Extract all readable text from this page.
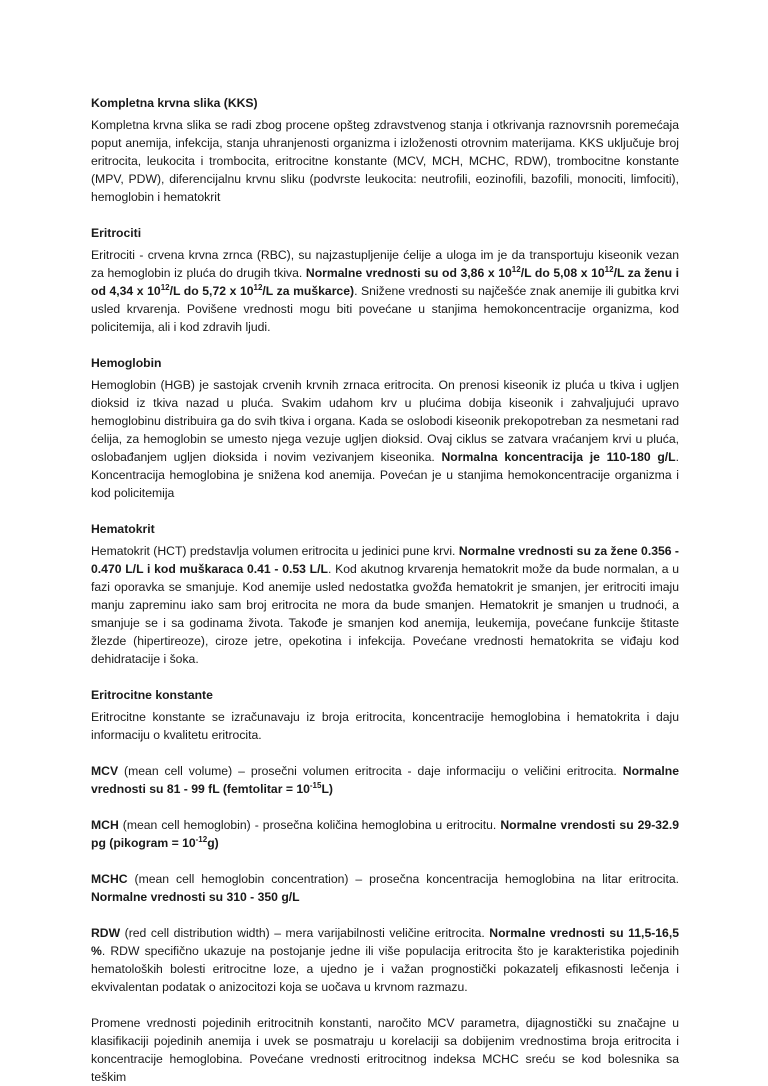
Kompletna krvna slika (KKS)

Kompletna krvna slika se radi zbog procene opšteg zdravstvenog stanja i otkrivanja raznovrsnih poremećaja poput anemija, infekcija, stanja uhranjenosti organizma i izloženosti otrovnim materijama. KKS uključuje broj eritrocita, leukocita i trombocita, eritrocitne konstante (MCV, MCH, MCHC, RDW), trombocitne konstante (MPV, PDW), diferencijalnu krvnu sliku (podvrste leukocita: neutrofili, eozinofili, bazofili, monociti, limfociti), hemoglobin i hematokrit

Eritrociti

Eritrociti - crvena krvna zrnca (RBC), su najzastupljenije ćelije a uloga im je da transportuju kiseonik vezan za hemoglobin iz pluća do drugih tkiva. Normalne vrednosti su od 3,86 x $10^{12}/L$ do 5,08 x $10^{12}/L$ za ženu i od 4,34 x $10^{12}/L$ do 5,72 x $10^{12}/L$ za muškarce). Snižene vrednosti su najčešće znak anemije ili gubitka krvi usled krvarenja. Povišene vrednosti mogu biti povećane u stanjima hemokoncentracije organizma, kod policitemija, ali i kod zdravih ljudi.

Hemoglobin

Hemoglobin (HGB) je sastojak crvenih krvnih zrnaca eritrocita. On prenosi kiseonik iz pluća u tkiva i ugljen dioksid iz tkiva nazad u pluća. Svakim udahom krv u plućima dobija kiseonik i zahvaljujući upravo hemoglobinu distribuira ga do svih tkiva i organa. Kada se oslobodi kiseonik prekopotreban za nesmetani rad ćelija, za hemoglobin se umesto njega vezuje ugljen dioksid. Ovaj ciklus se zatvara vraćanjem krvi u pluća, oslobađanjem ugljen dioksida i novim vezivanjem kiseonika. Normalna koncentracija je 110-180 g/L. Koncentracija hemoglobina je snižena kod anemija. Povećan je u stanjima hemokoncentracije organizma i kod policitemija

Hematokrit

Hematokrit (HCT) predstavlja volumen eritrocita u jedinici pune krvi. Normalne vrednosti su za žene 0.356 - 0.470 L/L i kod muškaraca 0.41 - 0.53 L/L. Kod akutnog krvarenja hematokrit može da bude normalan, a u fazi oporavka se smanjuje. Kod anemije usled nedostatka gvožđa hematokrit je smanjen, jer eritrociti imaju manju zapreminu iako sam broj eritrocita ne mora da bude smanjen. Hematokrit je smanjen u trudnoći, a smanjuje se i sa godinama života. Takođe je smanjen kod anemija, leukemija, povećane funkcije štitaste žlezde (hipertireoze), ciroze jetre, opekotina i infekcija. Povećane vrednosti hematokrita se viđaju kod dehidratacije i šoka.

Eritrocitne konstante

Eritrocitne konstante se izračunavaju iz broja eritrocita, koncentracije hemoglobina i hematokrita i daju informaciju o kvalitetu eritrocita.

MCV (mean cell volume) – prosečni volumen eritrocita - daje informaciju o veličini eritrocita. Normalne vrednosti su 81 - 99 fL (femtolitar = $10^{-15}L$)

MCH (mean cell hemoglobin) - prosečna količina hemoglobina u eritrocitu. Normalne vrendosti su 29-32.9 pg (pikogram = $10^{-12}g$)

MCHC (mean cell hemoglobin concentration) – prosečna koncentracija hemoglobina na litar eritrocita. Normalne vrednosti su 310 - 350 g/L

RDW (red cell distribution width) – mera varijabilnosti veličine eritrocita. Normalne vrednosti su 11,5-16,5 %. RDW specifično ukazuje na postojanje jedne ili više populacija eritrocita što je karakteristika pojedinih hematoloških bolesti eritrocitne loze, a ujedno je i važan prognostički pokazatelj efikasnosti lečenja i ekvivalentan podatak o anizocitozi koja se uočava u krvnom razmazu.

Promene vrednosti pojedinih eritrocitnih konstanti, naročito MCV parametra, dijagnostički su značajne u klasifikaciji pojedinih anemija i uvek se posmatraju u korelaciji sa dobijenim vrednostima broja eritrocita i koncentracije hemoglobina. Povećane vrednosti eritrocitnog indeksa MCHC sreću se kod bolesnika sa teškim
